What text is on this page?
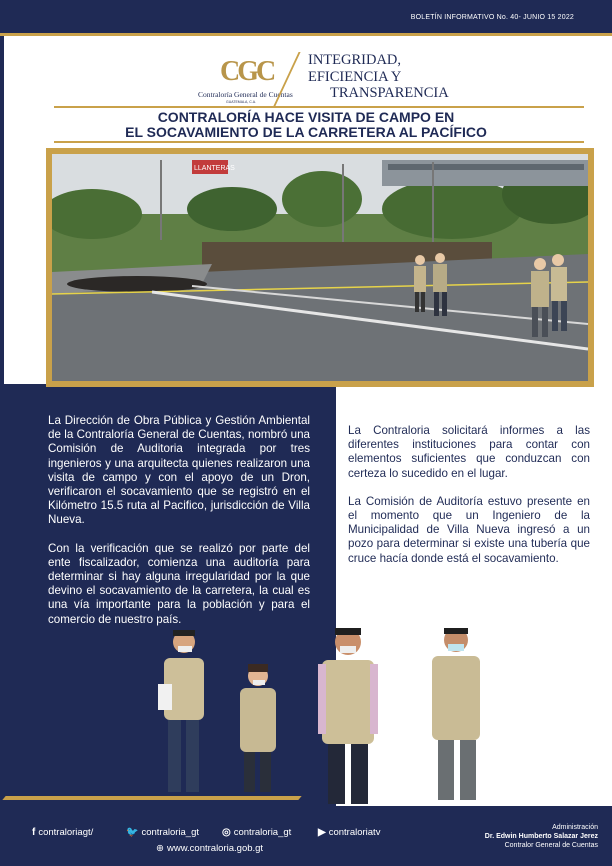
BOLETÍN INFORMATIVO No. 40- JUNIO 15 2022
CGC
Contraloría General de Cuentas
GUATEMALA, C.A.
INTEGRIDAD,
EFICIENCIA Y
TRANSPARENCIA
CONTRALORÍA HACE VISITA DE CAMPO EN
EL SOCAVAMIENTO DE LA CARRETERA AL PACÍFICO
LLANTERAS

La Dirección de Obra Pública y Gestión Ambiental de la Contraloría General de Cuentas, nombró una Comisión de Auditoria integrada por tres ingenieros y una arquitecta quienes realizaron una visita de campo y con el apoyo de un Dron, verificaron el socavamiento que se registró en el Kilómetro 15.5 ruta al Pacifico, jurisdicción de Villa Nueva.

Con la verificación que se realizó por parte del ente fiscalizador, comienza una auditoría para determinar si hay alguna irregularidad por la que devino el socavamiento de la carretera, la cual es una vía importante para la población y para el comercio de nuestro país.

La Contraloria solicitará informes a las diferentes instituciones para contar con elementos suficientes que conduzcan con certeza lo sucedido en el lugar.

La Comisión de Auditoría estuvo presente en el momento que un Ingeniero de la Municipalidad de Villa Nueva ingresó a un pozo para determinar si existe una tubería que cruce hacía donde está el socavamiento.

f contraloriagt/	🐦 contraloria_gt ◎ contraloria_gt	▶ contraloriatv
⊕ www.contraloria.gob.gt
Administración
Dr. Edwin Humberto Salazar Jerez
Contralor General de Cuentas
